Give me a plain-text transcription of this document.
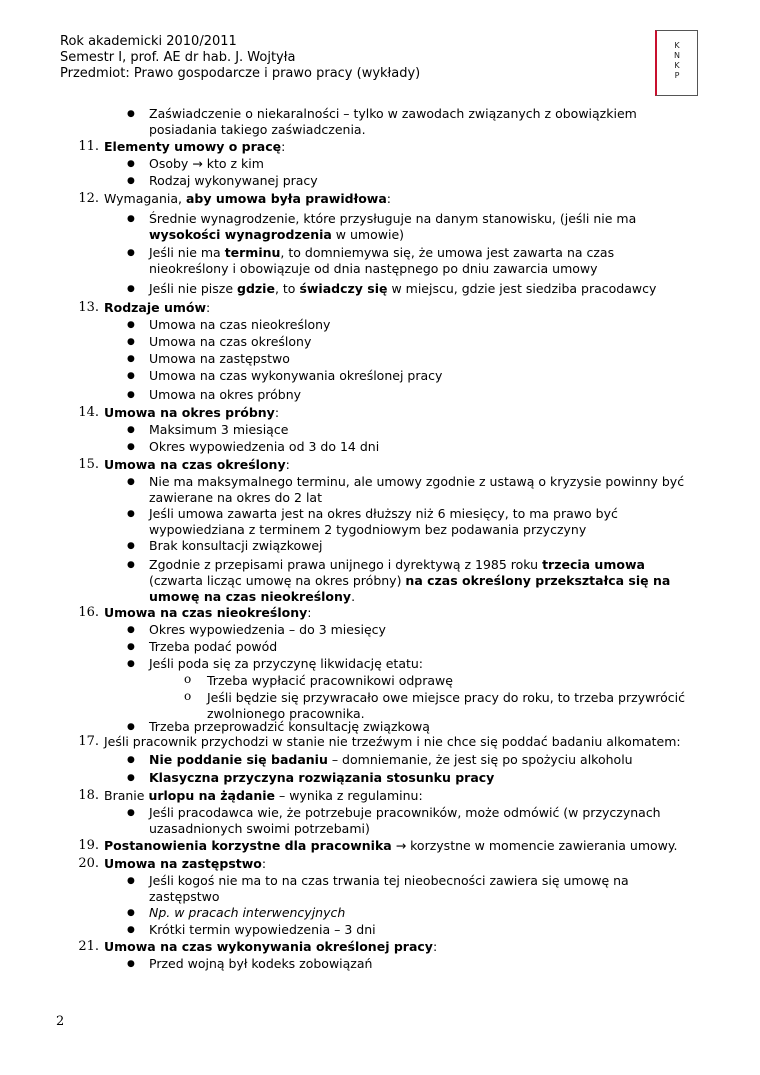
Rok akademicki 2010/2011
Semestr I, prof. AE dr hab. J. Wojtyła
Przedmiot: Prawo gospodarcze i prawo pracy (wykłady)
K
N
K
P
● Zaświadczenie o niekaralności – tylko w zawodach związanych z obowiązkiem
posiadania takiego zaświadczenia.
11. Elementy umowy o pracę:
● Osoby → kto z kim
● Rodzaj wykonywanej pracy
12. Wymagania, aby umowa była prawidłowa:
● Średnie wynagrodzenie, które przysługuje na danym stanowisku, (jeśli nie ma
wysokości wynagrodzenia w umowie)
● Jeśli nie ma terminu, to domniemywa się, że umowa jest zawarta na czas
nieokreślony i obowiązuje od dnia następnego po dniu zawarcia umowy
● Jeśli nie pisze gdzie, to świadczy się w miejscu, gdzie jest siedziba pracodawcy
13. Rodzaje umów:
● Umowa na czas nieokreślony
● Umowa na czas określony
● Umowa na zastępstwo
● Umowa na czas wykonywania określonej pracy
● Umowa na okres próbny
14. Umowa na okres próbny:
● Maksimum 3 miesiące
● Okres wypowiedzenia od 3 do 14 dni
15. Umowa na czas określony:
● Nie ma maksymalnego terminu, ale umowy zgodnie z ustawą o kryzysie powinny być
zawierane na okres do 2 lat
● Jeśli umowa zawarta jest na okres dłuższy niż 6 miesięcy, to ma prawo być
wypowiedziana z terminem 2 tygodniowym bez podawania przyczyny
● Brak konsultacji związkowej
● Zgodnie z przepisami prawa unijnego i dyrektywą z 1985 roku trzecia umowa
(czwarta licząc umowę na okres próbny) na czas określony przekształca się na
umowę na czas nieokreślony.
16. Umowa na czas nieokreślony:
● Okres wypowiedzenia – do 3 miesięcy
● Trzeba podać powód
● Jeśli poda się za przyczynę likwidację etatu:
o Trzeba wypłacić pracownikowi odprawę
o Jeśli będzie się przywracało owe miejsce pracy do roku, to trzeba przywrócić
zwolnionego pracownika.
● Trzeba przeprowadzić konsultację związkową
17. Jeśli pracownik przychodzi w stanie nie trzeźwym i nie chce się poddać badaniu alkomatem:
● Nie poddanie się badaniu – domniemanie, że jest się po spożyciu alkoholu
● Klasyczna przyczyna rozwiązania stosunku pracy
18. Branie urlopu na żądanie – wynika z regulaminu:
● Jeśli pracodawca wie, że potrzebuje pracowników, może odmówić (w przyczynach
uzasadnionych swoimi potrzebami)
19. Postanowienia korzystne dla pracownika → korzystne w momencie zawierania umowy.
20. Umowa na zastępstwo:
● Jeśli kogoś nie ma to na czas trwania tej nieobecności zawiera się umowę na
zastępstwo
● Np. w pracach interwencyjnych
● Krótki termin wypowiedzenia – 3 dni
21. Umowa na czas wykonywania określonej pracy:
● Przed wojną był kodeks zobowiązań
2
